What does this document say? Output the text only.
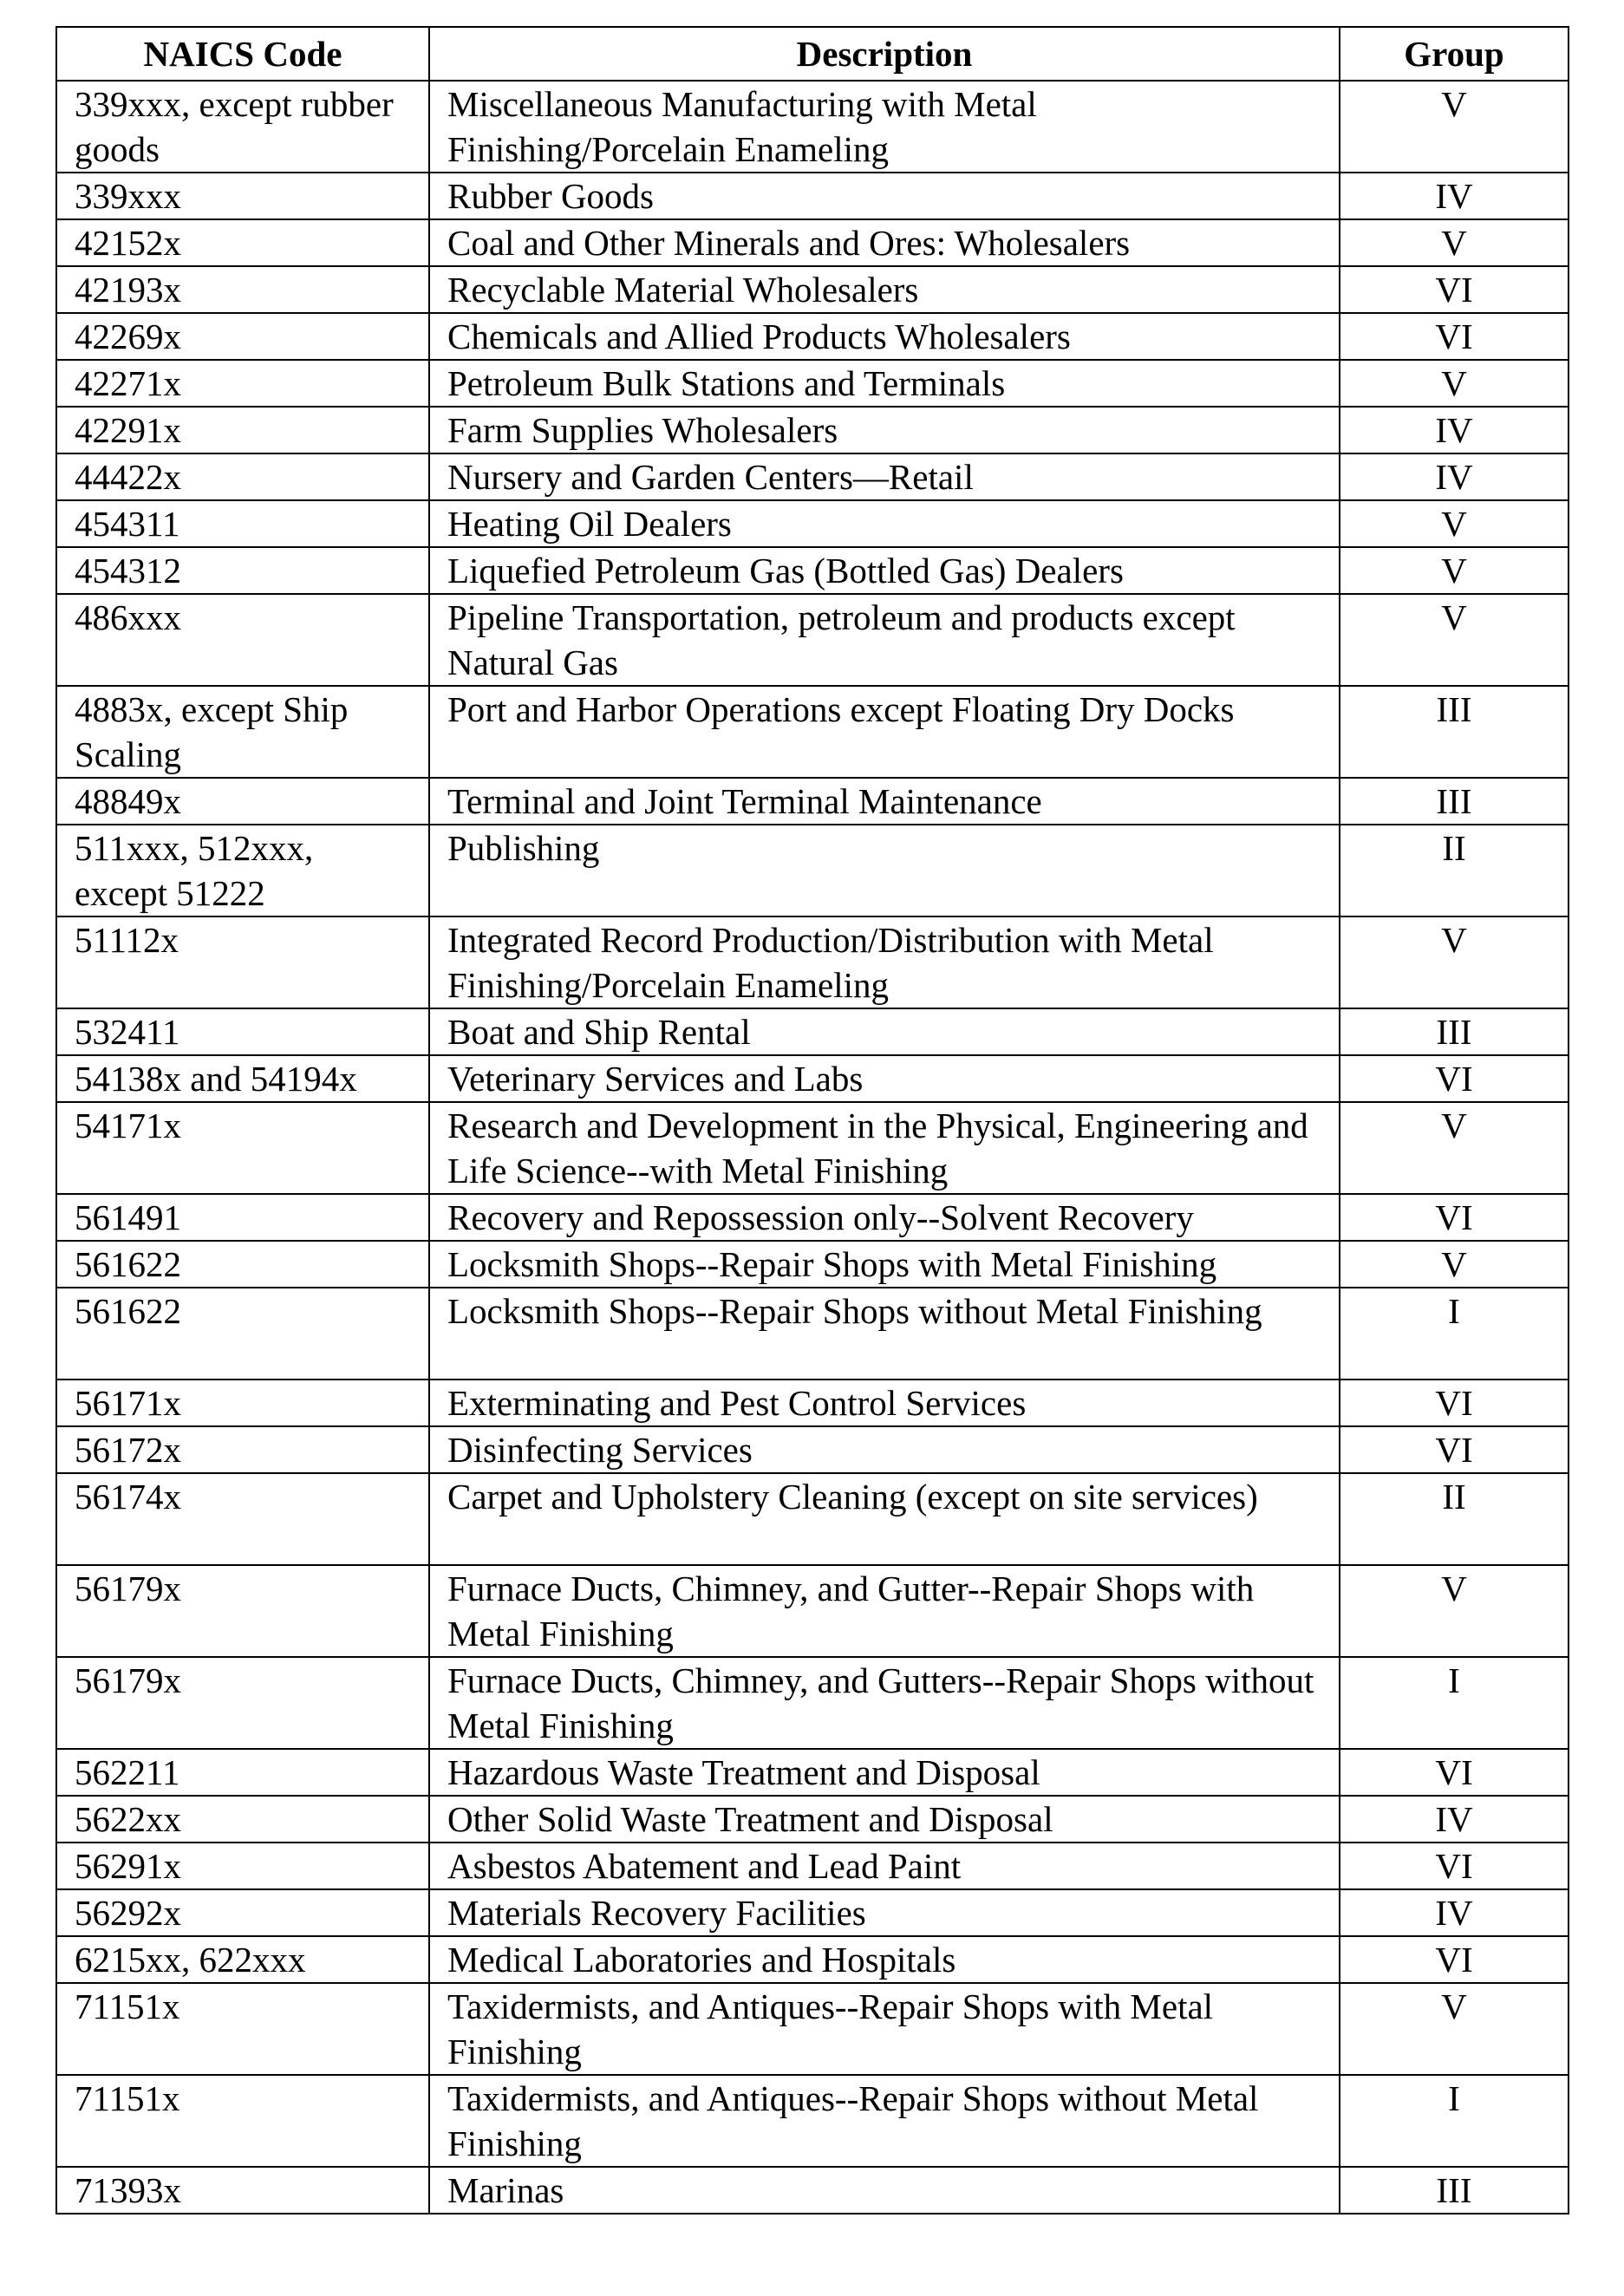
NAICS Code	Description	Group
339xxx, except rubber goods	Miscellaneous Manufacturing with Metal Finishing/Porcelain Enameling	V
339xxx	Rubber Goods	IV
42152x	Coal and Other Minerals and Ores: Wholesalers	V
42193x	Recyclable Material Wholesalers	VI
42269x	Chemicals and Allied Products Wholesalers	VI
42271x	Petroleum Bulk Stations and Terminals	V
42291x	Farm Supplies Wholesalers	IV
44422x	Nursery and Garden Centers—Retail	IV
454311	Heating Oil Dealers	V
454312	Liquefied Petroleum Gas (Bottled Gas) Dealers	V
486xxx	Pipeline Transportation, petroleum and products except Natural Gas	V
4883x, except Ship Scaling	Port and Harbor Operations except Floating Dry Docks	III
48849x	Terminal and Joint Terminal Maintenance	III
511xxx, 512xxx, except 51222	Publishing	II
51112x	Integrated Record Production/Distribution with Metal Finishing/Porcelain Enameling	V
532411	Boat and Ship Rental	III
54138x and 54194x	Veterinary Services and Labs	VI
54171x	Research and Development in the Physical, Engineering and Life Science--with Metal Finishing	V
561491	Recovery and Repossession only--Solvent Recovery	VI
561622	Locksmith Shops--Repair Shops with Metal Finishing	V
561622	Locksmith Shops--Repair Shops without Metal Finishing	I
56171x	Exterminating and Pest Control Services	VI
56172x	Disinfecting Services	VI
56174x	Carpet and Upholstery Cleaning (except on site services)	II
56179x	Furnace Ducts, Chimney, and Gutter--Repair Shops with Metal Finishing	V
56179x	Furnace Ducts, Chimney, and Gutters--Repair Shops without Metal Finishing	I
562211	Hazardous Waste Treatment and Disposal	VI
5622xx	Other Solid Waste Treatment and Disposal	IV
56291x	Asbestos Abatement and Lead Paint	VI
56292x	Materials Recovery Facilities	IV
6215xx, 622xxx	Medical Laboratories and Hospitals	VI
71151x	Taxidermists, and Antiques--Repair Shops with Metal Finishing	V
71151x	Taxidermists, and Antiques--Repair Shops without Metal Finishing	I
71393x	Marinas	III
